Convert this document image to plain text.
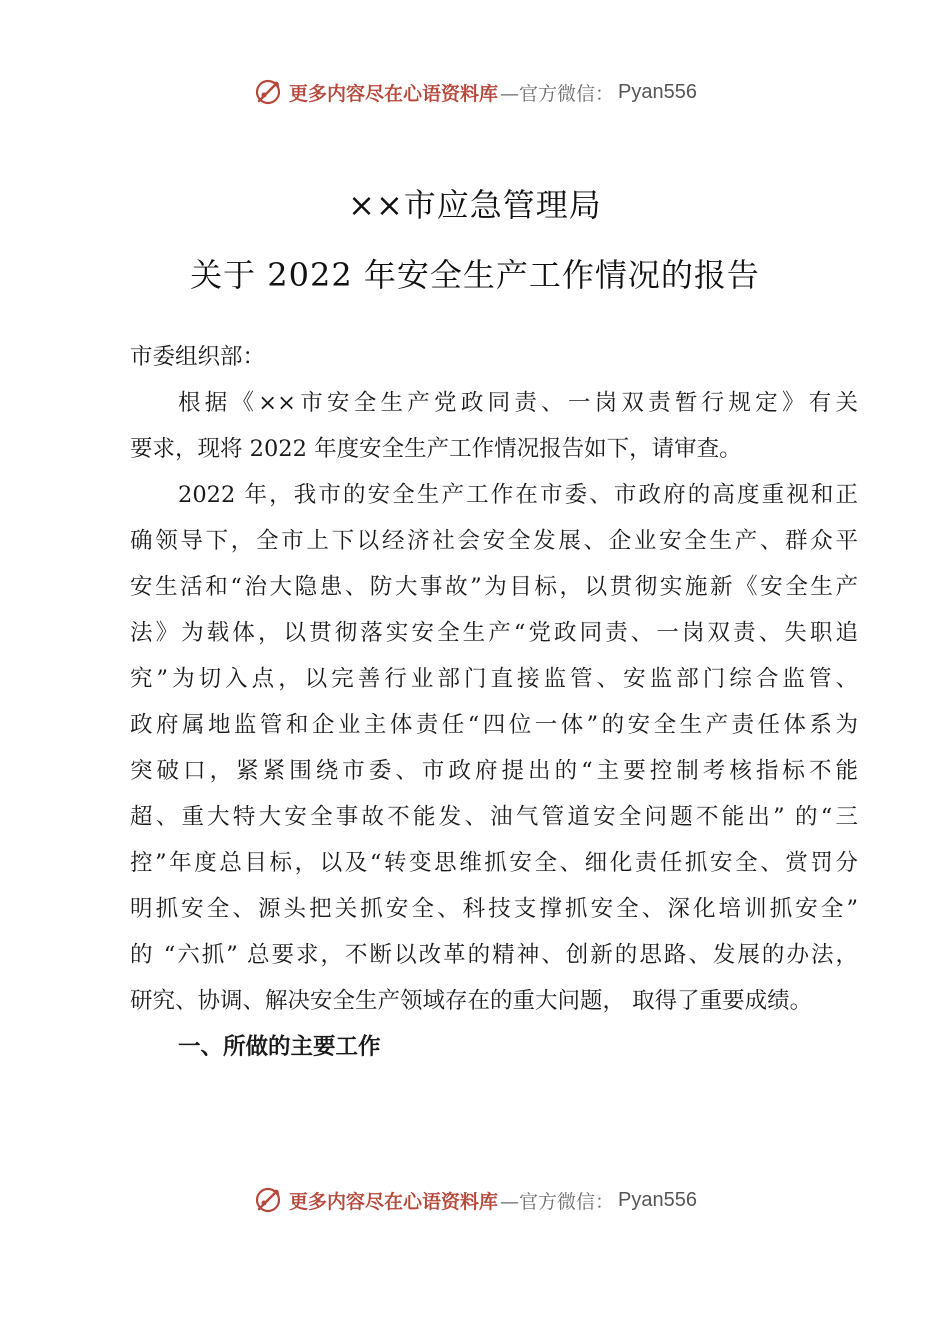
更多内容尽在心语资料库 —官方微信： Pyan556
××市应急管理局
关于 2022 年安全生产工作情况的报告
市委组织部：
根据《××市安全生产党政同责、一岗双责暂行规定》有关
要求，现将 2022 年度安全生产工作情况报告如下，请审查。
2022 年，我市的安全生产工作在市委、市政府的高度重视和正
确领导下，全市上下以经济社会安全发展、企业安全生产、群众平
安生活和“治大隐患、防大事故”为目标，以贯彻实施新《安全生产
法》为载体，以贯彻落实安全生产“党政同责、一岗双责、失职追
究”为切入点，以完善行业部门直接监管、安监部门综合监管、
政府属地监管和企业主体责任“四位一体”的安全生产责任体系为
突破口，紧紧围绕市委、市政府提出的“主要控制考核指标不能
超、重大特大安全事故不能发、油气管道安全问题不能出” 的“三
控”年度总目标，以及“转变思维抓安全、细化责任抓安全、赏罚分
明抓安全、源头把关抓安全、科技支撑抓安全、深化培训抓安全”
的 “六抓” 总要求，不断以改革的精神、创新的思路、发展的办法，
研究、协调、解决安全生产领域存在的重大问题， 取得了重要成绩。
一、所做的主要工作
更多内容尽在心语资料库 —官方微信： Pyan556
